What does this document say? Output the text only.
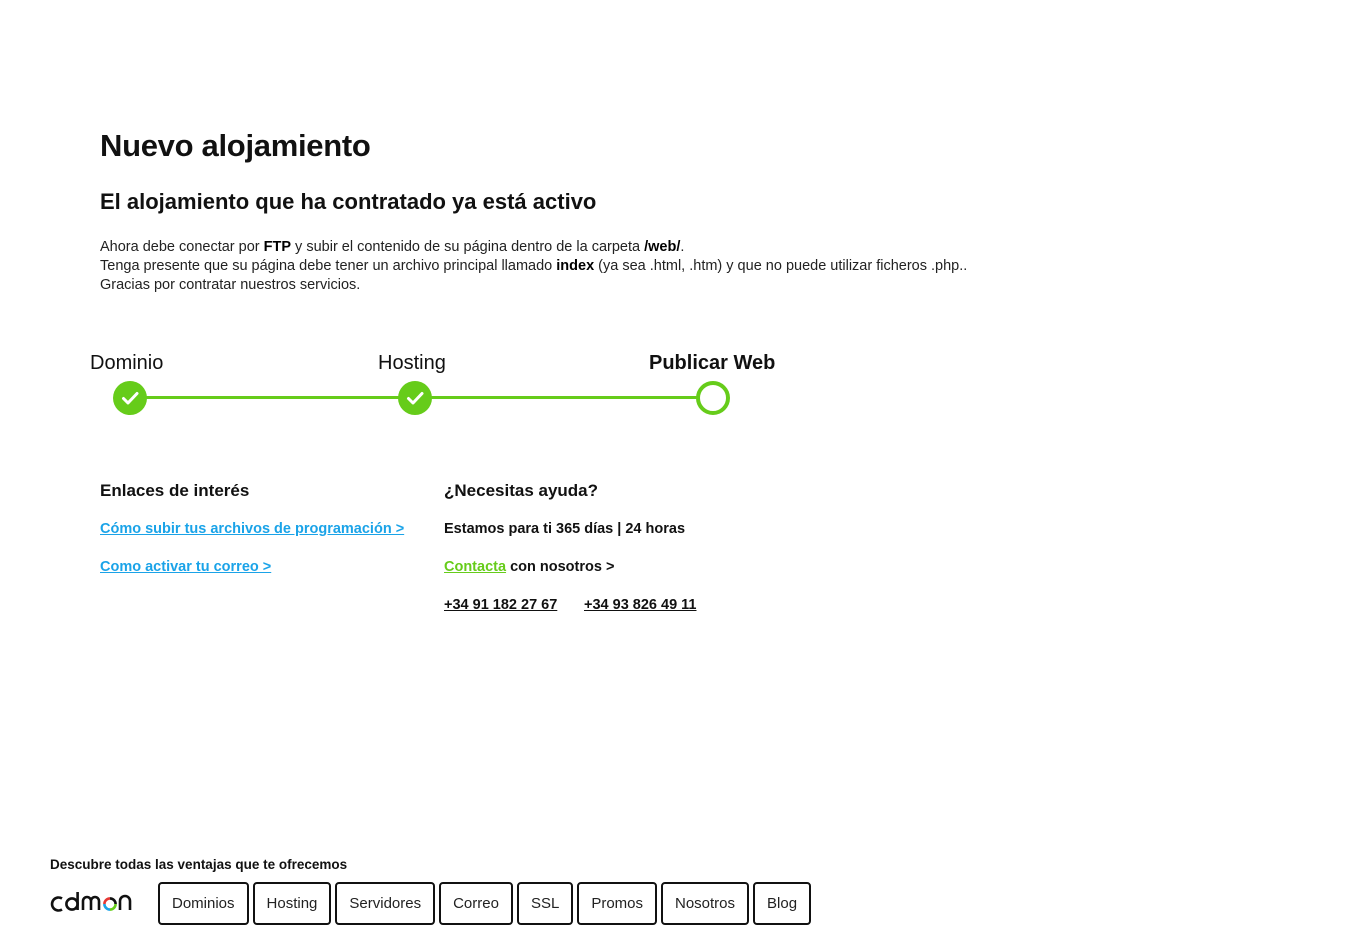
Nuevo alojamiento
El alojamiento que ha contratado ya está activo
Ahora debe conectar por FTP y subir el contenido de su página dentro de la carpeta /web/.
Tenga presente que su página debe tener un archivo principal llamado index (ya sea .html, .htm) y que no puede utilizar ficheros .php..
Gracias por contratar nuestros servicios.
Dominio	Hosting	Publicar Web
Enlaces de interés
Cómo subir tus archivos de programación >
Como activar tu correo >
¿Necesitas ayuda?
Estamos para ti 365 días | 24 horas
Contacta con nosotros >
+34 91 182 27 67 +34 93 826 49 11
Descubre todas las ventajas que te ofrecemos
Dominios	Hosting	Servidores	Correo	SSL	Promos	Nosotros	Blog
